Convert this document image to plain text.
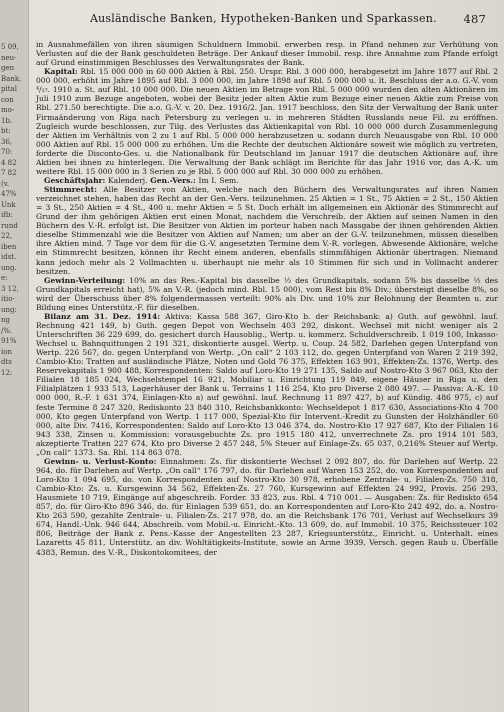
5 09,
neu-
gen
Bank.
pital
con
mo-
1b.
bt:
36,
70:
4 82
7 82
(v.
47%
Unk
ifb:
rund
22,
iben
idst.
ung.
e:
3 12,
itio-
ung:
ng
/%.
91%
ion
dts
12:
Ausländische Banken, Hypotheken-Banken und Sparkassen. 487

in Ausnahmefällen von ihren säumigen Schuldnern Immobil. erwerben resp. in Pfand nehmen zur Verhütung von Verlusten auf die der Bank geschuldeten Beträge. Der Ankauf dieser Immobil. resp. ihre Annahme zum Pfande erfolgt auf Grund einstimmigen Beschlusses des Verwaltungsrates der Bank.

Kapital: Rbl. 15 000 000 in 60 000 Aktien à Rbl. 250. Urspr. Rbl. 3 000 000, herabgesetzt im Jahre 1877 auf Rbl. 2 000 000, erhöht im Jahre 1895 auf Rbl. 3 000 000, im Jahre 1898 auf Rbl. 5 000 000 u. lt. Beschluss der a.o. G.-V. vom ⁴/₁₇. 1910 a. St. auf Rbl. 10 000 000. Die neuen Aktien im Betrage von Rbl. 5 000 000 wurden den alten Aktionären im Juli 1910 zum Bezuge angeboten, wobei der Besitz jeder alten Aktie zum Bezuge einer neuen Aktie zum Preise von Rbl. 271.50 berechtigte. Die a.o. G.-V. v. 20. Dez. 1916/2. Jan. 1917 beschloss, den Sitz der Verwaltung der Bank unter Firmaänderung von Riga nach Petersburg zu verlegen u. in mehreren Städten Russlands neue Fil. zu eröffnen. Zugleich wurde beschlossen, zur Tilg. des Verlustes das Aktienkapital von Rbl. 10 000 000 durch Zusammenlegung der Aktien im Verhältnis von 2 zu 1 auf Rbl. 5 000 000 herabzusetzen u. sodann durch Neuausgabe von Rbl. 10 000 000 Aktien auf Rbl. 15 000 000 zu erhöhen. Um die Rechte der deutschen Aktionäre soweit wie möglich zu vertreten, forderte die Disconto-Ges. u. die Nationalbank für Deutschland im Januar 1917 die deutschen Aktionäre auf, ihre Aktien bei ihnen zu hinterlegen. Die Verwaltung der Bank schlägt im Berichte für das Jahr 1916 vor, das A.-K. um weitere Rbl. 15 000 000 in 3 Serien zu je Rbl. 5 000 000 auf Rbl. 30 000 000 zu erhöhen.

Geschäftsjahr: Kalenderj. Gen.-Vers.: Im I. Sem.

Stimmrecht: Alle Besitzer von Aktien, welche nach den Büchern des Verwaltungsrates auf ihren Namen verzeichnet stehen, haben das Recht an der Gen.-Vers. teilzunehmen. 25 Aktien = 1 St., 75 Aktien = 2 St., 150 Aktien = 3 St., 250 Aktien = 4 St., 400 u. mehr Aktien = 5 St. Doch erhält im allgemeinen ein Aktionär des Stimmrecht auf Grund der ihm gehörigen Aktien erst einen Monat, nachdem die Verschreib. der Aktien auf seinen Namen in den Büchern des V.-R. erfolgt ist. Die Besitzer von Aktien im porteur haben nach Massgabe der ihnen gehörenden Aktien dieselbe Stimmenzahl wie die Besitzer von Aktien auf Namen; um aber an der G.-V. teilzunehmen, müssen dieselben ihre Aktien mind. 7 Tage vor dem für die G.-V. angesetzten Termine dem V.-R. vorlegen. Abwesende Aktionäre, welche ein Stimmrecht besitzen, können ihr Recht einem anderen, ebenfalls stimmfähigen Aktionär übertragen. Niemand kann jedoch mehr als 2 Vollmachten u. überhaupt nie mehr als 10 Stimmen für sich und in Vollmacht anderer besitzen.

Gewinn-Verteilung: 10% an das Res.-Kapital bis dasselbe ⅓ des Grundkapitals, sodann 5% bis dasselbe ½ des Grundkapitals erreicht hat), 5% an V.-R. (jedoch mind. Rbl. 15 000), vom Rest bis 8% Div.; übersteigt dieselbe 8%, so wird der Überschuss über 8% folgendermassen verteilt: 90% als Div. und 10% zur Belohnung der Beamten u. zur Bildung eines Unterstütz.-F. für dieselben.

Bilanz am 31. Dez. 1914: Aktiva: Kassa 588 367, Giro-Kto b. der Reichsbank: a) Guth. auf gewöhnl. lauf. Rechnung 421 149, b) Guth. gegen Depot von Wechseln 403 292, diskont. Wechsel mit nicht weniger als 2 Unterschriften 36 229 699, do. gesichert durch Hausoblig., Wertp. u. kommerz. Schuldverschreib. 1 019 100, Inkasso-Wechsel u. Bahnquittungen 2 191 321, diskontierte ausgel. Wertp. u. Coup. 24 582, Darlehen gegen Unterpfand von Wertp. 226 567, do. gegen Unterpfand von Wertp. „On call“ 2 103 112, do. gegen Unterpfand von Waren 2 219 392, Cambio-Kto: Tratten auf ausländische Plätze, Noten und Gold 76 375, Effekten 163 901, Effekten-Zs. 1376, Wertp. des Reservekapitals 1 900 488, Korrespondenten: Saldo auf Loro-Kto 19 271 135, Saldo auf Nostro-Kto 3 967 063, Kto der Filialen 18 185 024, Wechselstempel 16 921, Mobiliar u. Einrichtung 119 849, eigene Häuser in Riga u. den Filialplätzen 1 933 513, Lagerhäuser der Bank u. Terrains 1 116 254, Kto pro Diverse 2 080 497. — Passiva: A.-K. 10 000 000, R.-F. 1 631 374, Einlagen-Kto a) auf gewöhnl. lauf. Rechnung 11 897 427, b) auf Kündig. 486 975, c) auf feste Termine 8 247 320, Rediskonto 23 840 310, Reichsbankkonto: Wechseldepot 1 817 630, Associations-Kto 4 700 000, Kto gegen Unterpfand von Wertp. 1 117 000, Spezial-Kto für Intervent.-Kredit zu Gunsten der Holzhändler 60 000, alte Div. 7416, Korrespondenten: Saldo auf Loro-Kto 13 046 374, do. Nostro-Kto 17 927 687, Kto der Filialen 16 943 338, Zinsen u. Kommission: vorausgebuchte Zs. pro 1915 180 412, unverrechnete Zs. pro 1914 101 583, akzeptierte Tratten 227 674, Kto pro Diverse 2 457 248, 5% Steuer auf Einlage-Zs. 65 037, 0,216% Steuer auf Wertp. „On call“ 1373. Sa. Rbl. 114 863 078.

Gewinn- u. Verlust-Konto: Einnahmen: Zs. für diskontierte Wechsel 2 092 807, do. für Darlehen auf Wertp. 22 964, do. für Darlehen auf Wertp. „On call“ 176 797, do. für Darlehen auf Waren 153 252, do. von Korrespondenten auf Loro-Kto 1 094 695, do. von Korrespondenten auf Nostro-Kto 30 978, erhobene Zentrale- u. Filialen-Zs. 750 318, Cambio-Kto: Zs. u. Kursgewinn 34 562, Effekten-Zs. 27 760, Kursgewinn auf Effekten 24 992, Provis. 256 293, Hausmiete 10 719, Eingänge auf abgeschreib. Forder. 33 823, zus. Rbl. 4 710 001. — Ausgaben: Zs. für Rediskto 654 857, do. für Giro-Kto 896 346, do. für Einlagen 539 651, do. an Korrespondenten auf Loro-Kto 242 492, do. a. Nostro-Kto 263 590, gezahlte Zentrale- u. Filialen-Zs. 217 978, do. an die Reichsbank 176 701, Verlust auf Wechselkurs 39 674, Handl.-Unk. 946 644, Abschreib. vom Mobil.-u. Einricht.-Kto. 13 609, do. auf Immobil. 10 375, Reichssteuer 102 806, Beiträge der Bank z. Pens.-Kasse der Angestellten 23 287, Kriegsunterstütz., Einricht. u. Unterhalt. eines Lazaretts 45 811, Unterstütz. an div. Wohltätigkeits-Institute, sowie an Arme 3939, Versch. gegen Raub u. Überfälle 4383, Remun. des V.-R., Diskontokomitees, der
